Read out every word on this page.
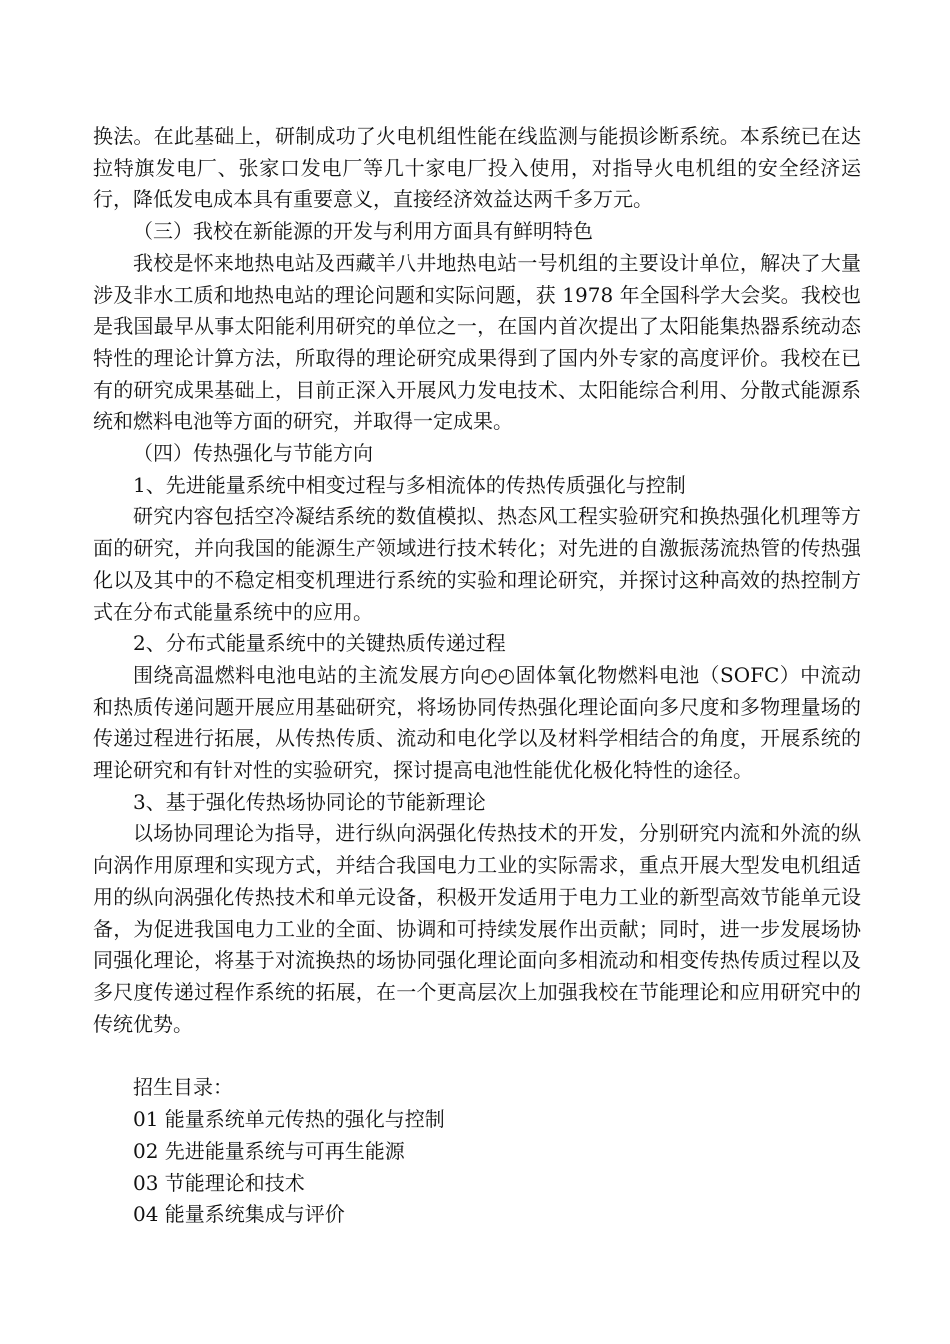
换法。在此基础上，研制成功了火电机组性能在线监测与能损诊断系统。本系统已在达拉特旗发电厂、张家口发电厂等几十家电厂投入使用，对指导火电机组的安全经济运行，降低发电成本具有重要意义，直接经济效益达两千多万元。

（三）我校在新能源的开发与利用方面具有鲜明特色

我校是怀来地热电站及西藏羊八井地热电站一号机组的主要设计单位，解决了大量涉及非水工质和地热电站的理论问题和实际问题，获 1978 年全国科学大会奖。我校也是我国最早从事太阳能利用研究的单位之一，在国内首次提出了太阳能集热器系统动态特性的理论计算方法，所取得的理论研究成果得到了国内外专家的高度评价。我校在已有的研究成果基础上，目前正深入开展风力发电技术、太阳能综合利用、分散式能源系统和燃料电池等方面的研究，并取得一定成果。

（四）传热强化与节能方向

1、先进能量系统中相变过程与多相流体的传热传质强化与控制

研究内容包括空冷凝结系统的数值模拟、热态风工程实验研究和换热强化机理等方面的研究，并向我国的能源生产领域进行技术转化；对先进的自激振荡流热管的传热强化以及其中的不稳定相变机理进行系统的实验和理论研究，并探讨这种高效的热控制方式在分布式能量系统中的应用。

2、分布式能量系统中的关键热质传递过程

围绕高温燃料电池电站的主流发展方向◴◴固体氧化物燃料电池（SOFC）中流动和热质传递问题开展应用基础研究，将场协同传热强化理论面向多尺度和多物理量场的传递过程进行拓展，从传热传质、流动和电化学以及材料学相结合的角度，开展系统的理论研究和有针对性的实验研究，探讨提高电池性能优化极化特性的途径。

3、基于强化传热场协同论的节能新理论

以场协同理论为指导，进行纵向涡强化传热技术的开发，分别研究内流和外流的纵向涡作用原理和实现方式，并结合我国电力工业的实际需求，重点开展大型发电机组适用的纵向涡强化传热技术和单元设备，积极开发适用于电力工业的新型高效节能单元设备，为促进我国电力工业的全面、协调和可持续发展作出贡献；同时，进一步发展场协同强化理论，将基于对流换热的场协同强化理论面向多相流动和相变传热传质过程以及多尺度传递过程作系统的拓展，在一个更高层次上加强我校在节能理论和应用研究中的传统优势。

招生目录：

01 能量系统单元传热的强化与控制
02 先进能量系统与可再生能源
03 节能理论和技术
04 能量系统集成与评价
